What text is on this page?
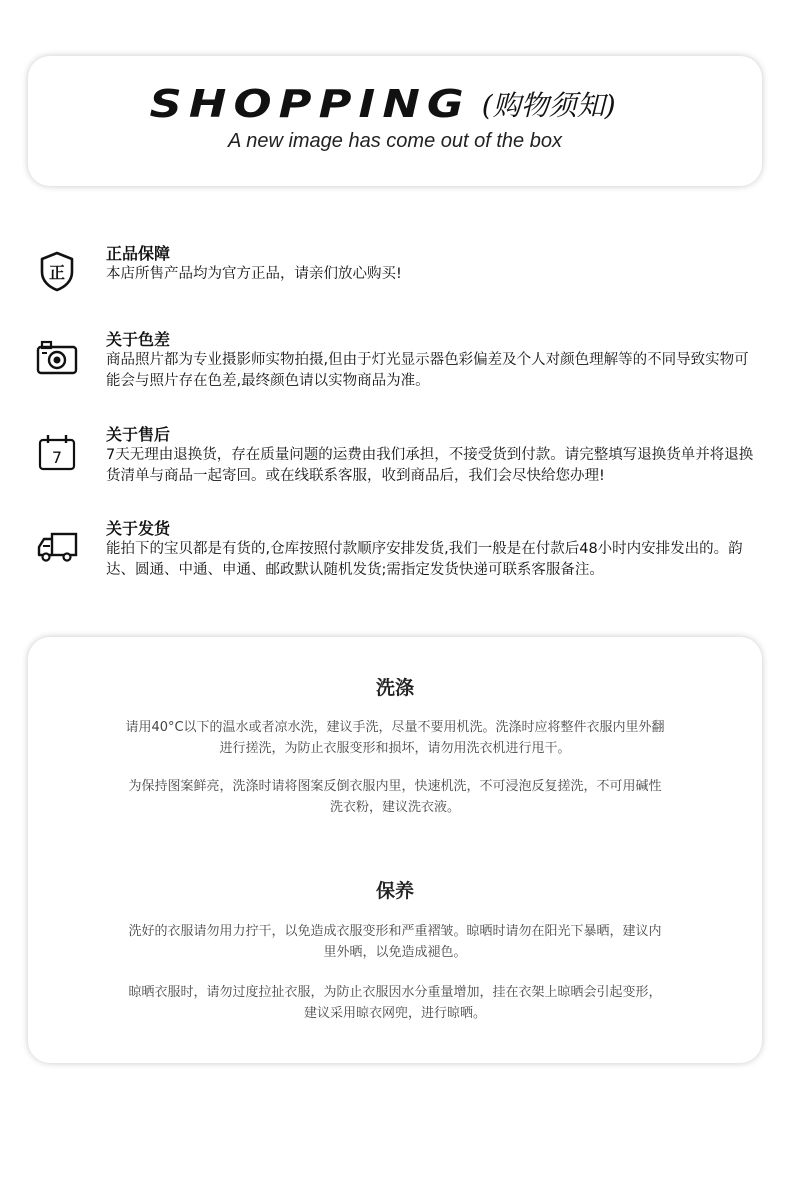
SHOPPING (购物须知)
A new image has come out of the box
正
正品保障
本店所售产品均为官方正品，请亲们放心购买!
关于色差
商品照片都为专业摄影师实物拍摄,但由于灯光显示器色彩偏差及个人对颜色理解等的不同导致实物可能会与照片存在色差,最终颜色请以实物商品为准。
7
关于售后
7天无理由退换货，存在质量问题的运费由我们承担，不接受货到付款。请完整填写退换货单并将退换货清单与商品一起寄回。或在线联系客服，收到商品后，我们会尽快给您办理!
关于发货
能拍下的宝贝都是有货的,仓库按照付款顺序安排发货,我们一般是在付款后48小时内安排发出的。韵达、圆通、中通、申通、邮政默认随机发货;需指定发货快递可联系客服备注。
洗涤
请用40°C以下的温水或者凉水洗，建议手洗，尽量不要用机洗。洗涤时应将整件衣服内里外翻进行搓洗，为防止衣服变形和损坏，请勿用洗衣机进行甩干。
为保持图案鲜亮，洗涤时请将图案反倒衣服内里，快速机洗，不可浸泡反复搓洗，不可用碱性洗衣粉，建议洗衣液。
保养
洗好的衣服请勿用力拧干，以免造成衣服变形和严重褶皱。晾晒时请勿在阳光下暴晒，建议内里外晒，以免造成褪色。
晾晒衣服时，请勿过度拉扯衣服，为防止衣服因水分重量增加，挂在衣架上晾晒会引起变形，建议采用晾衣网兜，进行晾晒。
